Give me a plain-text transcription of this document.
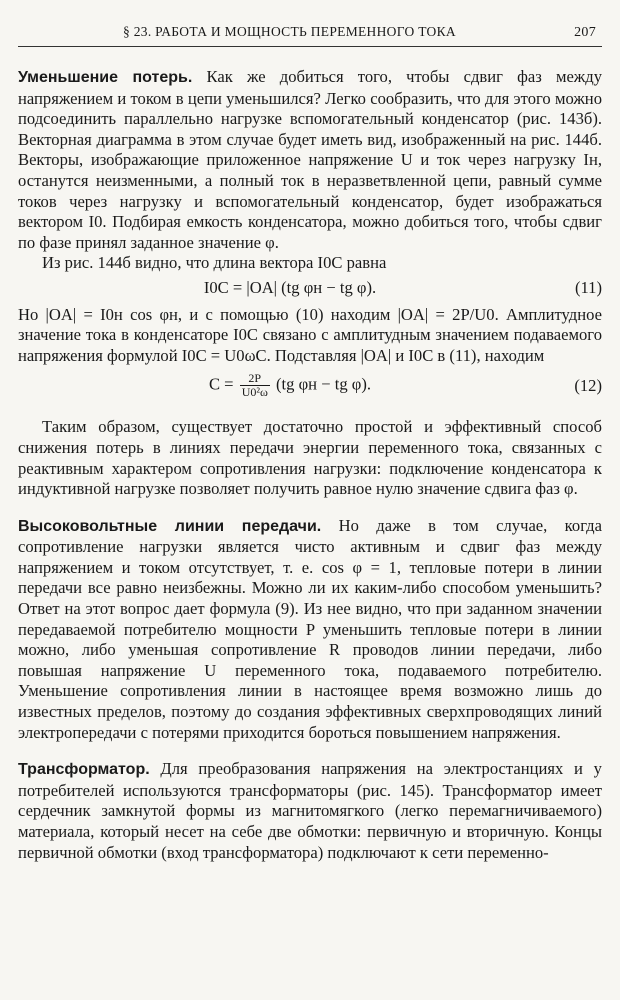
§ 23. РАБОТА И МОЩНОСТЬ ПЕРЕМЕННОГО ТОКА	207

Уменьшение потерь. Как же добиться того, чтобы сдвиг фаз между напряжением и током в цепи уменьшился? Легко сообразить, что для этого можно подсоединить параллельно нагрузке вспомогательный конденсатор (рис. 143б). Векторная диаграмма в этом случае будет иметь вид, изображенный на рис. 144б. Векторы, изображающие приложенное напряжение U и ток через нагрузку Iн, останутся неизменными, а полный ток в неразветвленной цепи, равный сумме токов через нагрузку и вспомогательный конденсатор, будет изображаться вектором I0. Подбирая емкость конденсатора, можно добиться того, чтобы сдвиг по фазе принял заданное значение φ.

Из рис. 144б видно, что длина вектора I0C равна

I0C = |OA| (tg φн − tg φ).	(11)

Но |OA| = I0н cos φн, и с помощью (10) находим |OA| = 2P/U0. Амплитудное значение тока в конденсаторе I0C связано с амплитудным значением подаваемого напряжения формулой I0C = U0ωC. Подставляя |OA| и I0C в (11), находим

$C = \frac{2P}{\text{U0²ω}} (tg$ φн − tg φ).	(12)

Таким образом, существует достаточно простой и эффективный способ снижения потерь в линиях передачи энергии переменного тока, связанных с реактивным характером сопротивления нагрузки: подключение конденсатора к индуктивной нагрузке позволяет получить равное нулю значение сдвига фаз φ.

Высоковольтные линии передачи. Но даже в том случае, когда сопротивление нагрузки является чисто активным и сдвиг фаз между напряжением и током отсутствует, т. е. cos φ = 1, тепловые потери в линии передачи все равно неизбежны. Можно ли их каким-либо способом уменьшить? Ответ на этот вопрос дает формула (9). Из нее видно, что при заданном значении передаваемой потребителю мощности P уменьшить тепловые потери в линии можно, либо уменьшая сопротивление R проводов линии передачи, либо повышая напряжение U переменного тока, подаваемого потребителю. Уменьшение сопротивления линии в настоящее время возможно лишь до известных пределов, поэтому до создания эффективных сверхпроводящих линий электропередачи с потерями приходится бороться повышением напряжения.

Трансформатор. Для преобразования напряжения на электростанциях и у потребителей используются трансформаторы (рис. 145). Трансформатор имеет сердечник замкнутой формы из магнитомягкого (легко перемагничиваемого) материала, который несет на себе две обмотки: первичную и вторичную. Концы первичной обмотки (вход трансформатора) подключают к сети переменно-
